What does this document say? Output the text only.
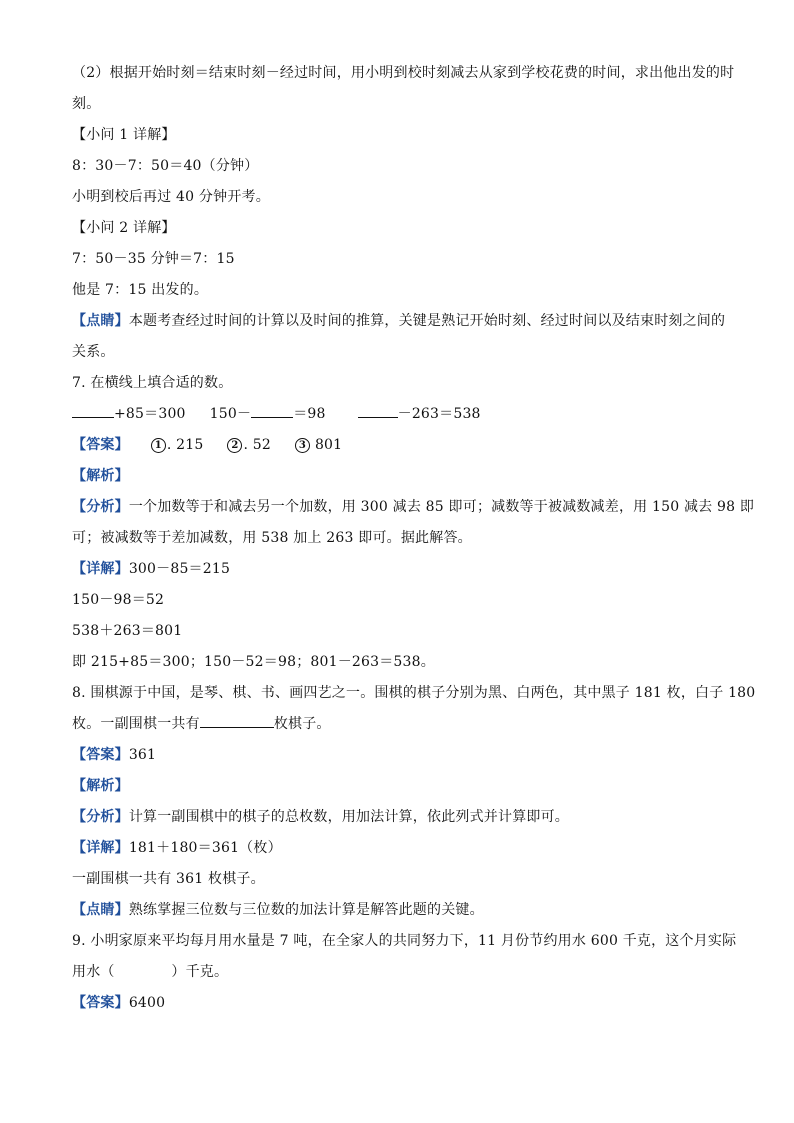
（2）根据开始时刻＝结束时刻－经过时间，用小明到校时刻减去从家到学校花费的时间，求出他出发的时
刻。
【小问 1 详解】
8：30－7：50＝40（分钟）
小明到校后再过 40 分钟开考。
【小问 2 详解】
7：50－35 分钟＝7：15
他是 7：15 出发的。
【点睛】本题考查经过时间的计算以及时间的推算，关键是熟记开始时刻、经过时间以及结束时刻之间的
关系。
7. 在横线上填合适的数。
+85＝300 150－	＝98	－263＝538
【答案】	1 . 215	2 . 52	3 801
【解析】
【分析】一个加数等于和减去另一个加数，用 300 减去 85 即可；减数等于被减数减差，用 150 减去 98 即
可；被减数等于差加减数，用 538 加上 263 即可。据此解答。
【详解】300－85＝215
150－98＝52
538＋263＝801
即 215+85＝300；150－52＝98；801－263＝538。
8. 围棋源于中国，是琴、棋、书、画四艺之一。围棋的棋子分别为黑、白两色，其中黑子 181 枚，白子 180
枚。一副围棋一共有	枚棋子。
【答案】361
【解析】
【分析】计算一副围棋中的棋子的总枚数，用加法计算，依此列式并计算即可。
【详解】181＋180＝361（枚）
一副围棋一共有 361 枚棋子。
【点睛】熟练掌握三位数与三位数的加法计算是解答此题的关键。
9. 小明家原来平均每月用水量是 7 吨，在全家人的共同努力下，11 月份节约用水 600 千克，这个月实际
用水（　　　　）千克。
【答案】6400
